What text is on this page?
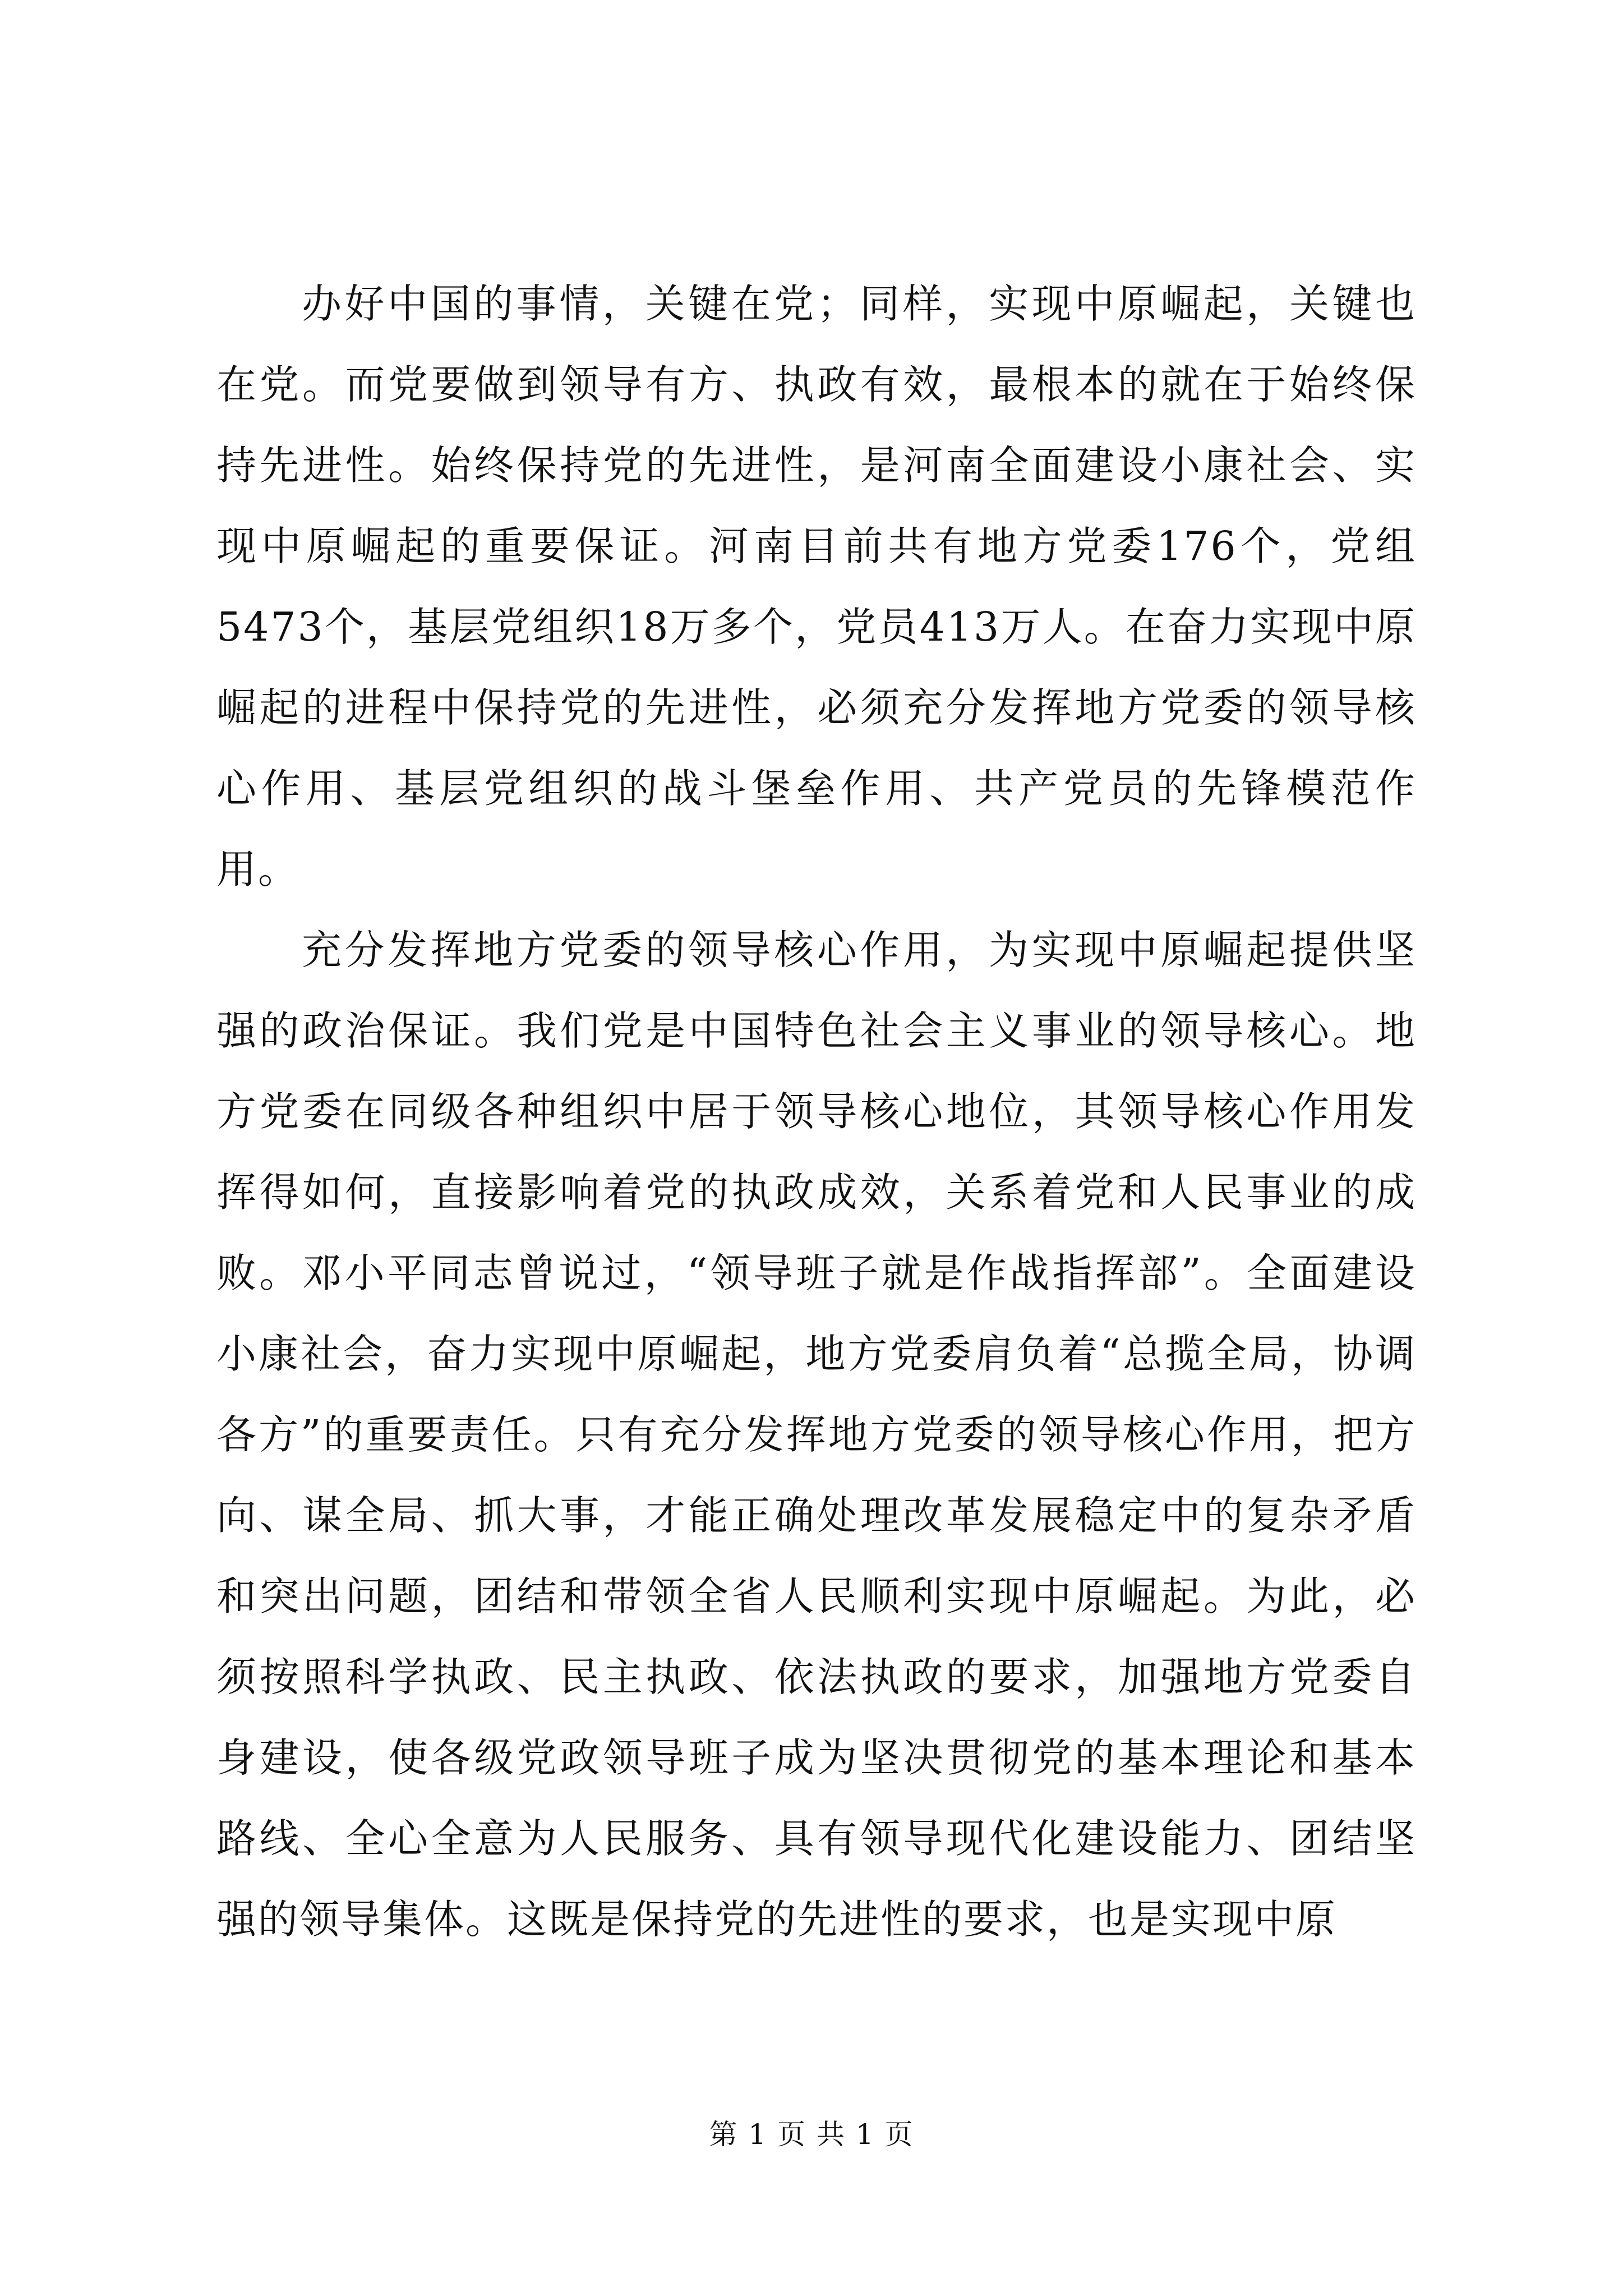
办好中国的事情，关键在党；同样，实现中原崛起，关键也在党。而党要做到领导有方、执政有效，最根本的就在于始终保持先进性。始终保持党的先进性，是河南全面建设小康社会、实现中原崛起的重要保证。河南目前共有地方党委176个，党组5473个，基层党组织18万多个，党员413万人。在奋力实现中原崛起的进程中保持党的先进性，必须充分发挥地方党委的领导核心作用、基层党组织的战斗堡垒作用、共产党员的先锋模范作用。

充分发挥地方党委的领导核心作用，为实现中原崛起提供坚强的政治保证。我们党是中国特色社会主义事业的领导核心。地方党委在同级各种组织中居于领导核心地位，其领导核心作用发挥得如何，直接影响着党的执政成效，关系着党和人民事业的成败。邓小平同志曾说过，“领导班子就是作战指挥部”。全面建设小康社会，奋力实现中原崛起，地方党委肩负着“总揽全局，协调各方”的重要责任。只有充分发挥地方党委的领导核心作用，把方向、谋全局、抓大事，才能正确处理改革发展稳定中的复杂矛盾和突出问题，团结和带领全省人民顺利实现中原崛起。为此，必须按照科学执政、民主执政、依法执政的要求，加强地方党委自身建设，使各级党政领导班子成为坚决贯彻党的基本理论和基本路线、全心全意为人民服务、具有领导现代化建设能力、团结坚强的领导集体。这既是保持党的先进性的要求，也是实现中原

第 1 页 共 1 页
